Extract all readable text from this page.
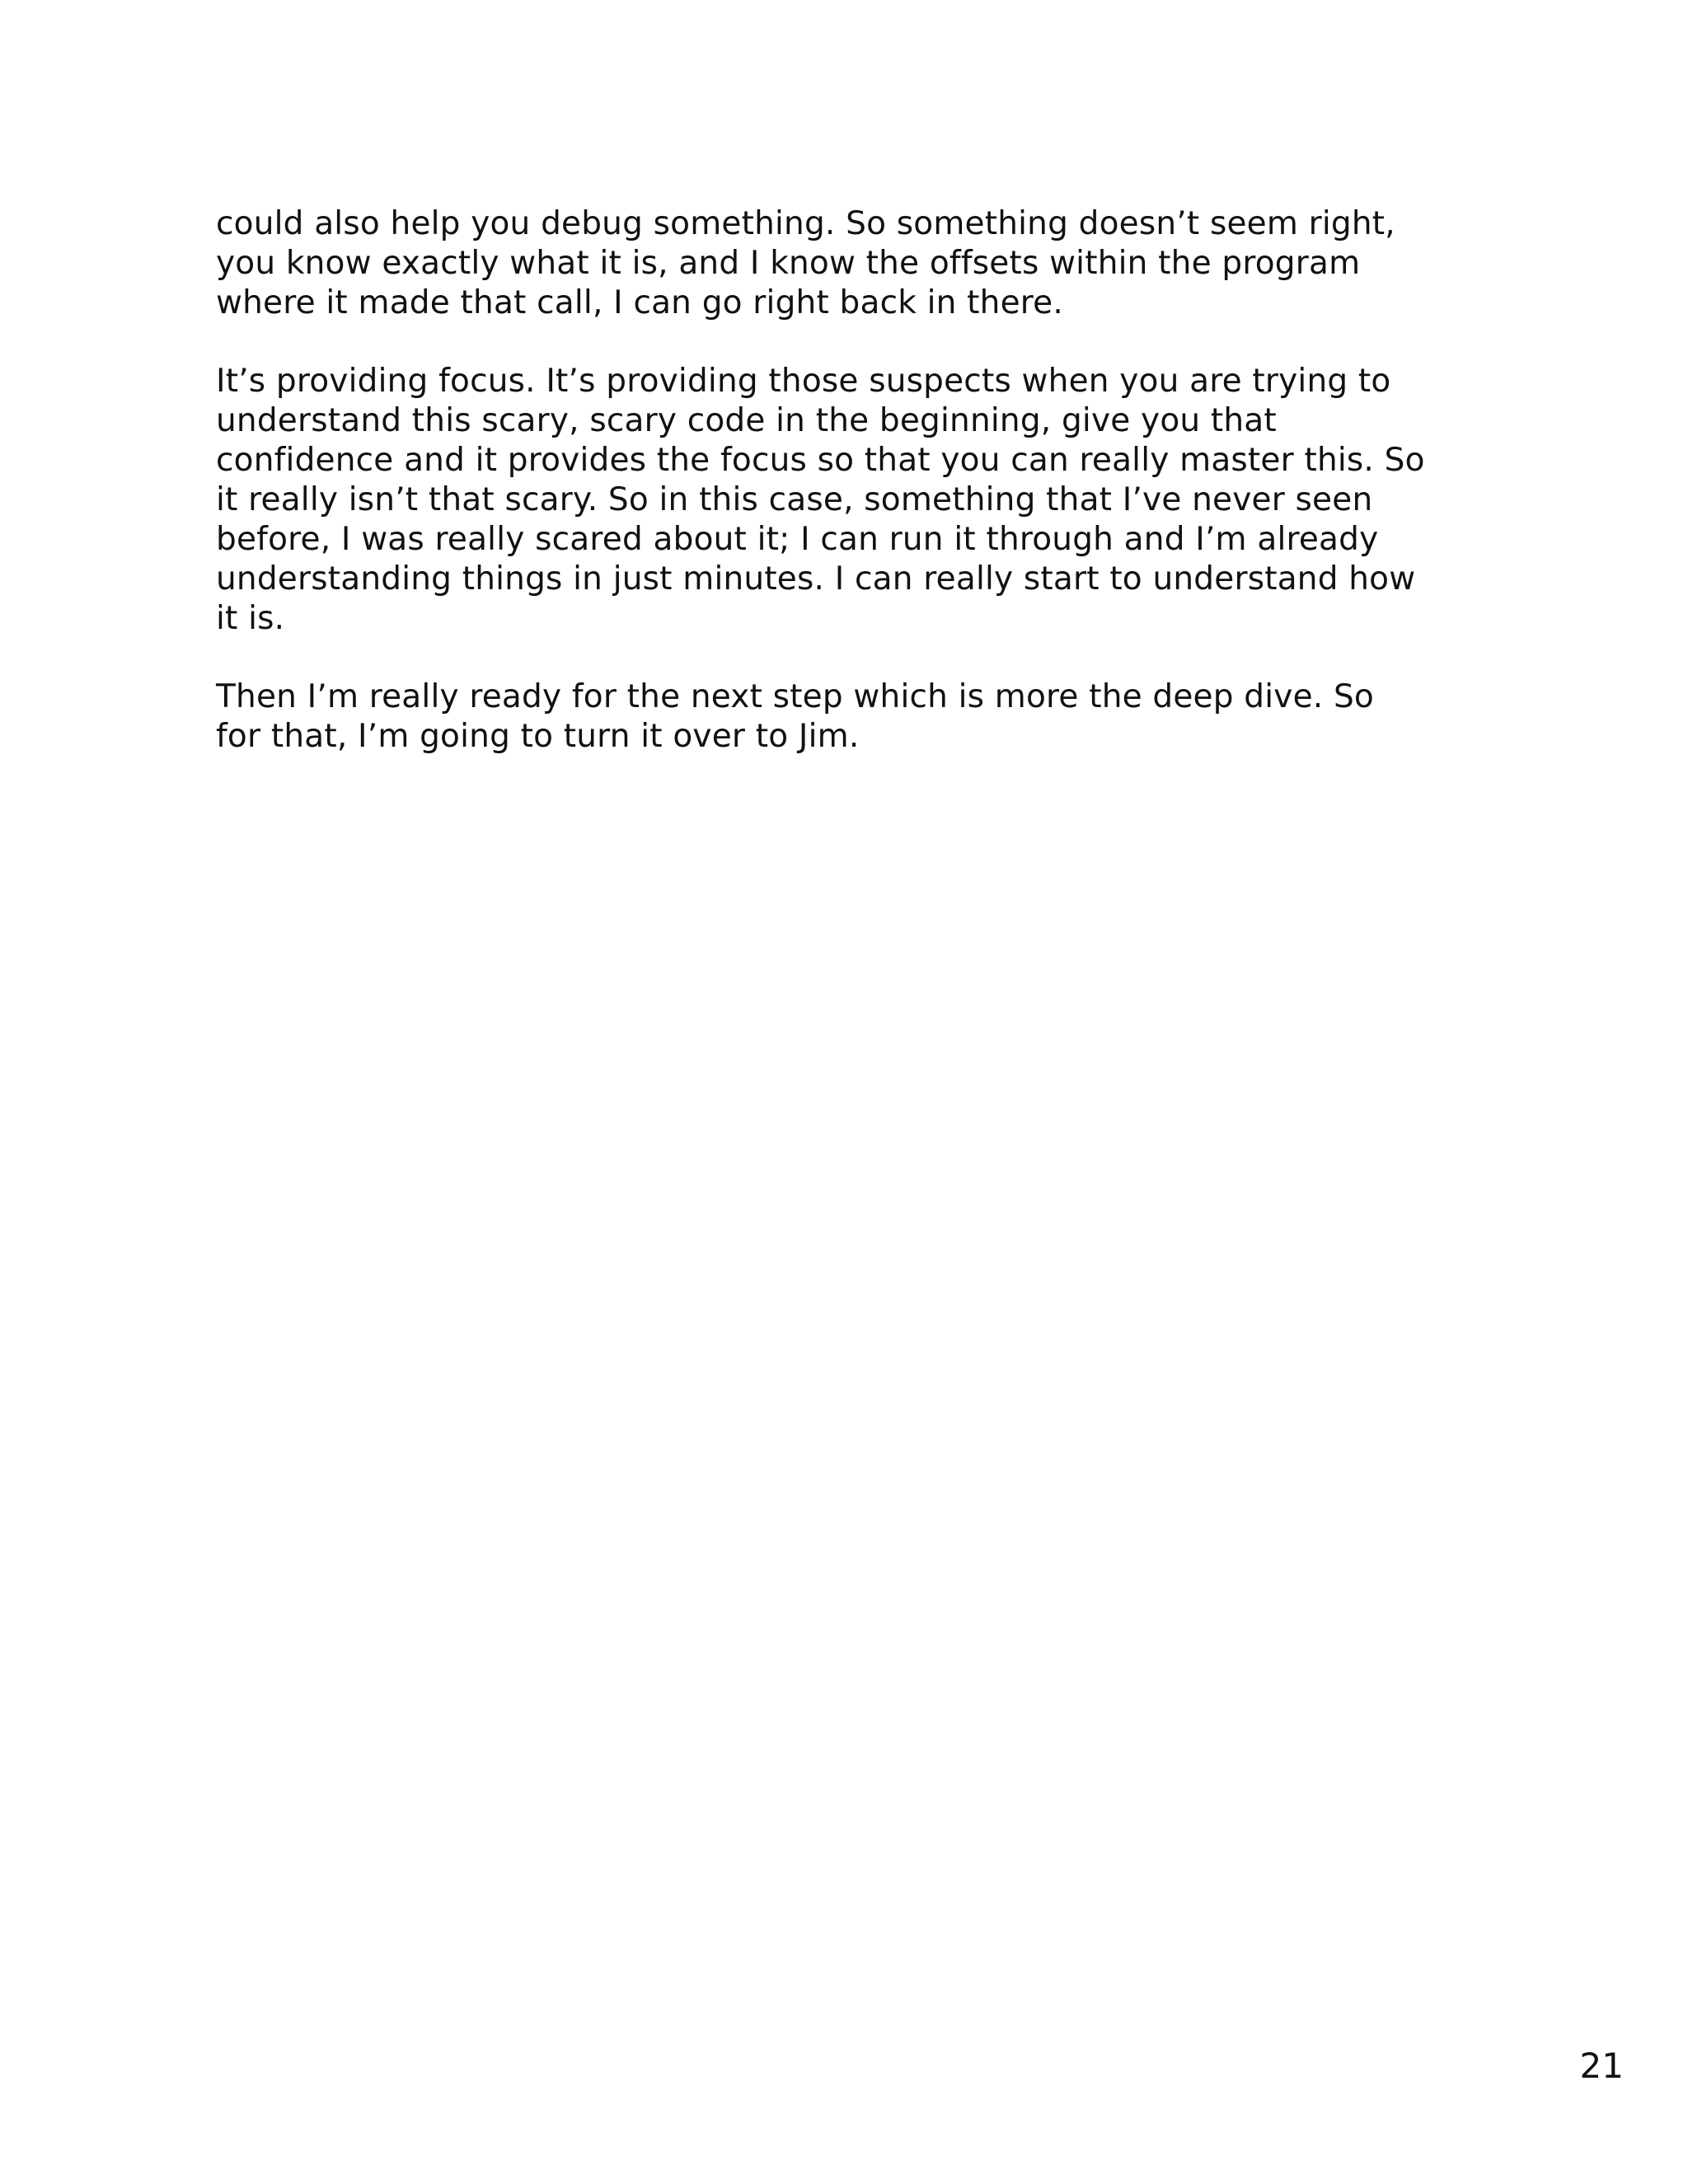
could also help you debug something. So something doesn’t seem right,
you know exactly what it is, and I know the offsets within the program
where it made that call, I can go right back in there.

It’s providing focus. It’s providing those suspects when you are trying to
understand this scary, scary code in the beginning, give you that
confidence and it provides the focus so that you can really master this. So
it really isn’t that scary. So in this case, something that I’ve never seen
before, I was really scared about it; I can run it through and I’m already
understanding things in just minutes. I can really start to understand how
it is.

Then I’m really ready for the next step which is more the deep dive. So
for that, I’m going to turn it over to Jim.

21
